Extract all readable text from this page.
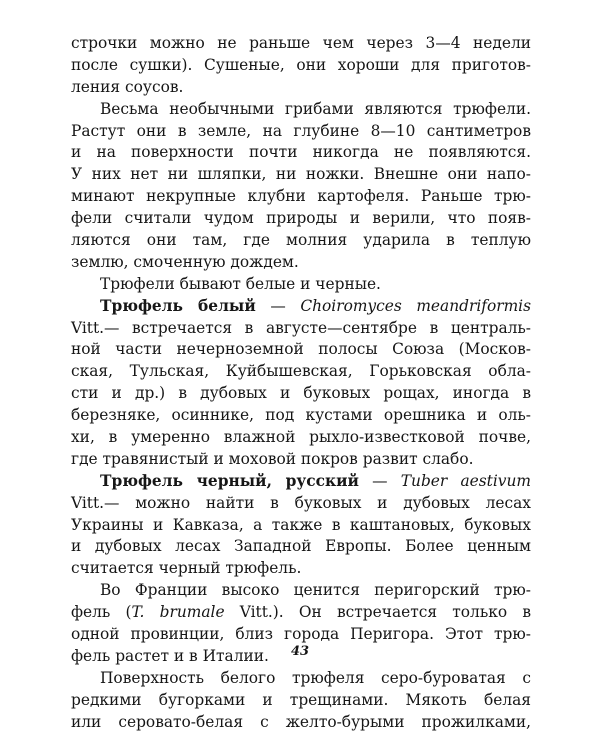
строчки можно не раньше чем через 3—4 недели
после сушки). Сушеные, они хороши для приготов-
ления соусов.
Весьма необычными грибами являются трюфели.
Растут они в земле, на глубине 8—10 сантиметров
и на поверхности почти никогда не появляются.
У них нет ни шляпки, ни ножки. Внешне они напо-
минают некрупные клубни картофеля. Раньше трю-
фели считали чудом природы и верили, что появ-
ляются они там, где молния ударила в теплую
землю, смоченную дождем.
Трюфели бывают белые и черные.
Трюфель белый — Choiromyces meandriformis
Vitt.— встречается в августе—сентябре в централь-
ной части нечерноземной полосы Союза (Москов-
ская, Тульская, Куйбышевская, Горьковская обла-
сти и др.) в дубовых и буковых рощах, иногда в
березняке, осиннике, под кустами орешника и оль-
хи, в умеренно влажной рыхло-известковой почве,
где травянистый и моховой покров развит слабо.
Трюфель черный, русский — Tuber aestivum
Vitt.— можно найти в буковых и дубовых лесах
Украины и Кавказа, а также в каштановых, буковых
и дубовых лесах Западной Европы. Более ценным
считается черный трюфель.
Во Франции высоко ценится перигорский трю-
фель (T. brumale Vitt.). Он встречается только в
одной провинции, близ города Перигора. Этот трю-
фель растет и в Италии.
Поверхность белого трюфеля серо-буроватая с
редкими бугорками и трещинами. Мякоть белая
или серовато-белая с желто-бурыми прожилками,
43
